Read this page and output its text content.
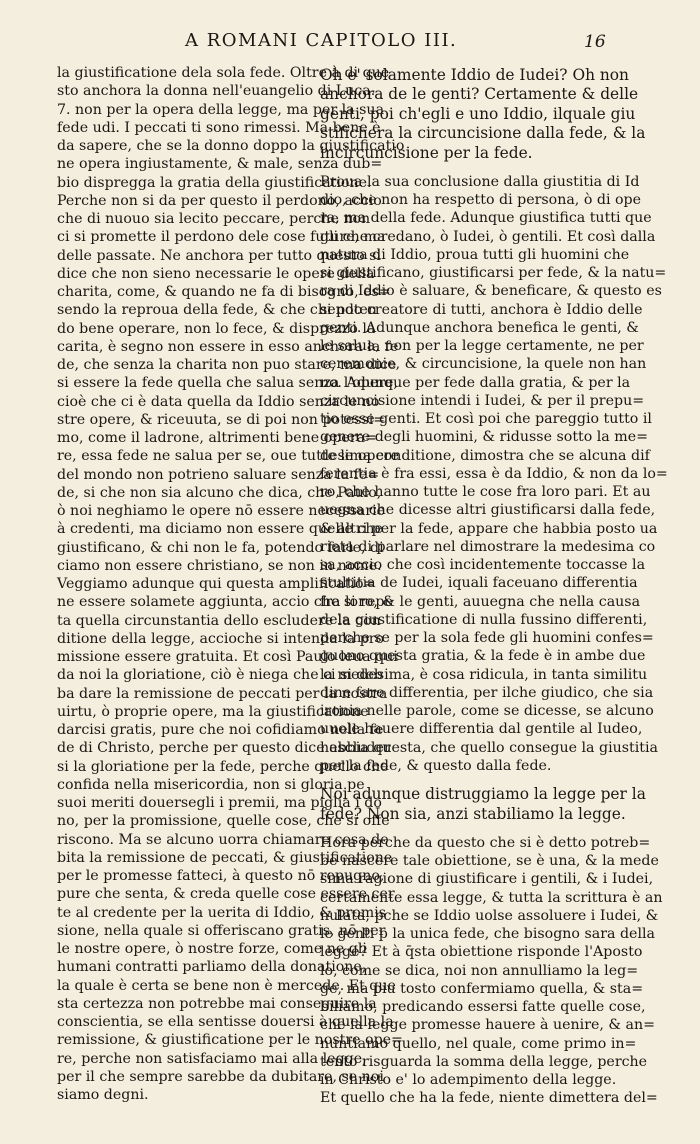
A ROMANI CAPITOLO III.	16
la giustificatione dela sola fede. Oltre à di que
sto anchora la donna nell'euangelio di Luca.
7. non per la opera della legge, ma per la sua
fede udi. I peccati ti sono rimessi. Ma bene è
da sapere, che se la donno doppo la giustificatio
ne opera ingiustamente, & male, senza dub=
bio dispregga la gratia della giustificatione.
Perche non si da per questo il perdono, accio
che di nuouo sia lecito peccare, perche non
ci si promette il perdono dele cose future, ma
delle passate. Ne anchora per tutto questo si
dice che non sieno necessarie le opere della
charita, come, & quando ne fa di bisogno, es=
sendo la reproua della fede, & che chi poten
do bene operare, non lo fece, & disprezzo la
carita, è segno non essere in esso anchora la fe
de, che senza la charita non puo stare, ma dice
si essere la fede quella che salua senza l'opere,
cioè che ci è data quella da Iddio senza le no
stre opere, & riceuuta, se di poi non potessi=
mo, come il ladrone, altrimenti bene opera=
re, essa fede ne salua per se, oue tutte le opere
del mondo non potrieno saluare senza la fe=
de, si che non sia alcuno che dica, che Paulo,
ò noi neghiamo le opere nō essere necessarie
à credenti, ma diciamo non essere quelle che
giustificano, & chi non le fa, potendo farle, di
ciamo non essere christiano, se non in nome.
Veggiamo adunque qui questa amplificatio=
ne essere solamete aggiunta, accio che si repe
ta quella circunstantia dello escludere la con
ditione della legge, accioche si intenda la pro
missione essere gratuita. Et così Paulo leua qui
da noi la gloriatione, ciò è niega che ci si deb
ba dare la remissione de peccati per la nostra
uirtu, ò proprie opere, ma la giustificatione
darcisi gratis, pure che noi cofidiamo nella fe
de di Christo, perche per questo dice escluder
si la gloriatione per la fede, perche quello che
confida nella misericordia, non si gloria pe
suoi meriti douersegli i premii, ma piglia i do
no, per la promissione, quelle cose, che si offe
riscono. Ma se alcuno uorra chiamare cosa de
bita la remissione de peccati, & giustificatione
per le promesse fatteci, à questo nō repugno,
pure che senta, & creda quelle cose essere cer
te al credente per la uerita di Iddio, & promis
sione, nella quale si offeriscano gratis, nō per
le nostre opere, ò nostre forze, come ne gli
humani contratti parliamo della donatione,
la quale è certa se bene non è mercede. Et que
sta certezza non potrebbe mai conseguire la
conscientia, se ella sentisse douersi à quella la
remissione, & giustificatione per le nostre ope=
re, perche non satisfaciamo mai alla legge,
per il che sempre sarebbe da dubitare, se noi
siamo degni.
Oh e' solamente Iddio de Iudei? Oh non
anchora de le genti? Certamente & delle
genti, poi ch'egli e uno Iddio, ilquale giu
stifichera la circuncisione dalla fede, & la
incircuncisione per la fede.
Proua la sua conclusione dalla giustitia di Id
dio, che non ha respetto di persona, ò di ope
ra, ma della fede. Adunque giustifica tutti que
gli che credano, ò Iudei, ò gentili. Et così dalla
natura di Iddio, proua tutti gli huomini che
si giustificano, giustificarsi per fede, & la natu=
ra di Iddio è saluare, & beneficare, & questo es
sendo creatore di tutti, anchora è Iddio delle
genti. Adunque anchora benefica le genti, &
le salua, non per la legge certamente, ne per
ceremonie, & circuncisione, la quele non han
no. Adunque per fede dalla gratia, & per la
circuncisione intendi i Iudei, & per il prepu=
tio esse genti. Et così poi che pareggio tutto il
genere degli huomini, & ridusse sotto la me=
desima conditione, dimostra che se alcuna dif
ferentia è fra essi, essa è da Iddio, & non da lo=
ro, che hanno tutte le cose fra loro pari. Et au
uegna che dicesse altri giustificarsi dalla fede,
& altri per la fede, appare che habbia posto ua
rieta di parlare nel dimostrare la medesima co
sa, accio che così incidentemente toccasse la
stultitia de Iudei, iquali faceuano differentia
fra loro, & le genti, auuegna che nella causa
dela giustificatione di nulla fussino differenti,
perche se per la sola fede gli huomini confes=
guono questa gratia, & la fede è in ambe due
la medesima, è cosa ridicula, in tanta similitu
dine fare differentia, per ilche giudico, che sia
ironia nelle parole, come se dicesse, se alcuno
uuole hauere differentia dal gentile al Iudeo,
habbia questa, che quello consegue la giustitia
per la fede, & questo dalla fede.
Noi adunque distruggiamo la legge per la
fede? Non sia, anzi stabiliamo la legge.
Hora perche da questo che si è detto potreb=
be nascere tale obiettione, se è una, & la mede
sima ragione di giustificare i gentili, & i Iudei,
certamente essa legge, & tutta la scrittura è an
nulata, pche se Iddio uolse assoluere i Iudei, &
le genti p la unica fede, che bisogno sara della
legge? Et à q̄sta obiettione risponde l'Aposto
lo, come se dica, noi non annulliamo la leg=
ge, ma piu tosto confermiamo quella, & sta=
biliamo, predicando essersi fatte quelle cose,
che la legge promesse hauere à uenire, & an=
nuntiamo quello, nel quale, come primo in=
tento risguarda la somma della legge, perche
in Christo e' lo adempimento della legge.
Et quello che ha la fede, niente dimettera del=
